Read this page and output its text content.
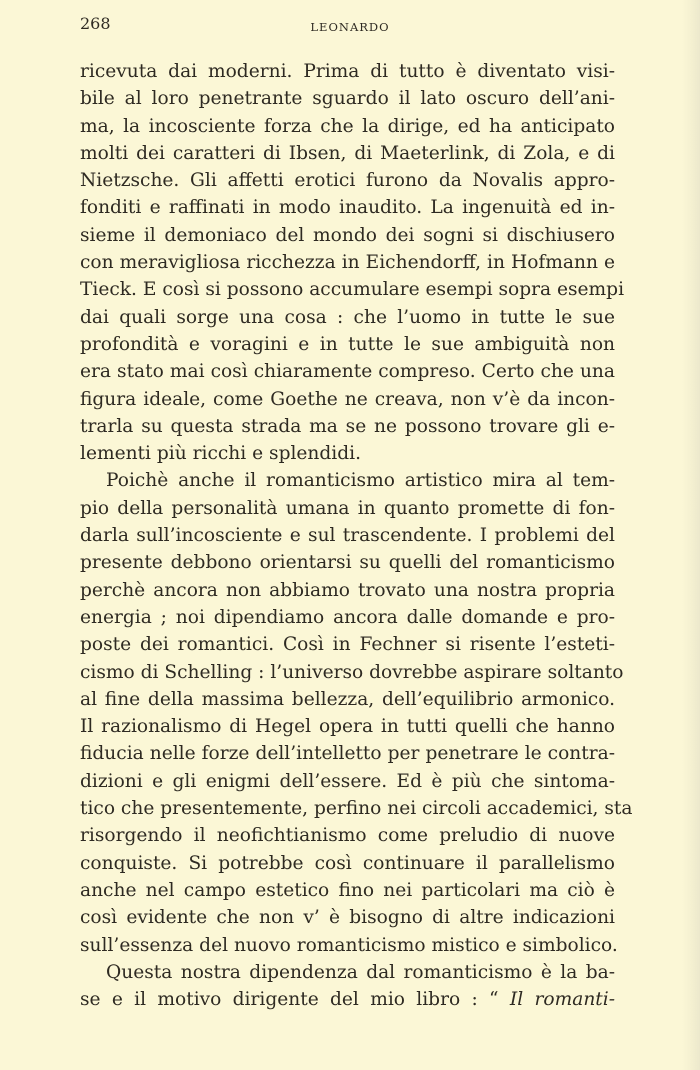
268	LEONARDO
ricevuta dai moderni. Prima di tutto è diventato visi-
bile al loro penetrante sguardo il lato oscuro dell’ani-
ma, la incosciente forza che la dirige, ed ha anticipato
molti dei caratteri di Ibsen, di Maeterlink, di Zola, e di
Nietzsche. Gli affetti erotici furono da Novalis appro-
fonditi e raffinati in modo inaudito. La ingenuità ed in-
sieme il demoniaco del mondo dei sogni si dischiusero
con meravigliosa ricchezza in Eichendorff, in Hofmann e
Tieck. E così si possono accumulare esempi sopra esempi
dai quali sorge una cosa : che l’uomo in tutte le sue
profondità e voragini e in tutte le sue ambiguità non
era stato mai così chiaramente compreso. Certo che una
figura ideale, come Goethe ne creava, non v’è da incon-
trarla su questa strada ma se ne possono trovare gli e-
lementi più ricchi e splendidi.
Poichè anche il romanticismo artistico mira al tem-
pio della personalità umana in quanto promette di fon-
darla sull’incosciente e sul trascendente. I problemi del
presente debbono orientarsi su quelli del romanticismo
perchè ancora non abbiamo trovato una nostra propria
energia ; noi dipendiamo ancora dalle domande e pro-
poste dei romantici. Così in Fechner si risente l’esteti-
cismo di Schelling : l’universo dovrebbe aspirare soltanto
al fine della massima bellezza, dell’equilibrio armonico.
Il razionalismo di Hegel opera in tutti quelli che hanno
fiducia nelle forze dell’intelletto per penetrare le contra-
dizioni e gli enigmi dell’essere. Ed è più che sintoma-
tico che presentemente, perfino nei circoli accademici, sta
risorgendo il neofichtianismo come preludio di nuove
conquiste. Si potrebbe così continuare il parallelismo
anche nel campo estetico fino nei particolari ma ciò è
così evidente che non v’ è bisogno di altre indicazioni
sull’essenza del nuovo romanticismo mistico e simbolico.
Questa nostra dipendenza dal romanticismo è la ba-
se e il motivo dirigente del mio libro : “ Il romanti-
